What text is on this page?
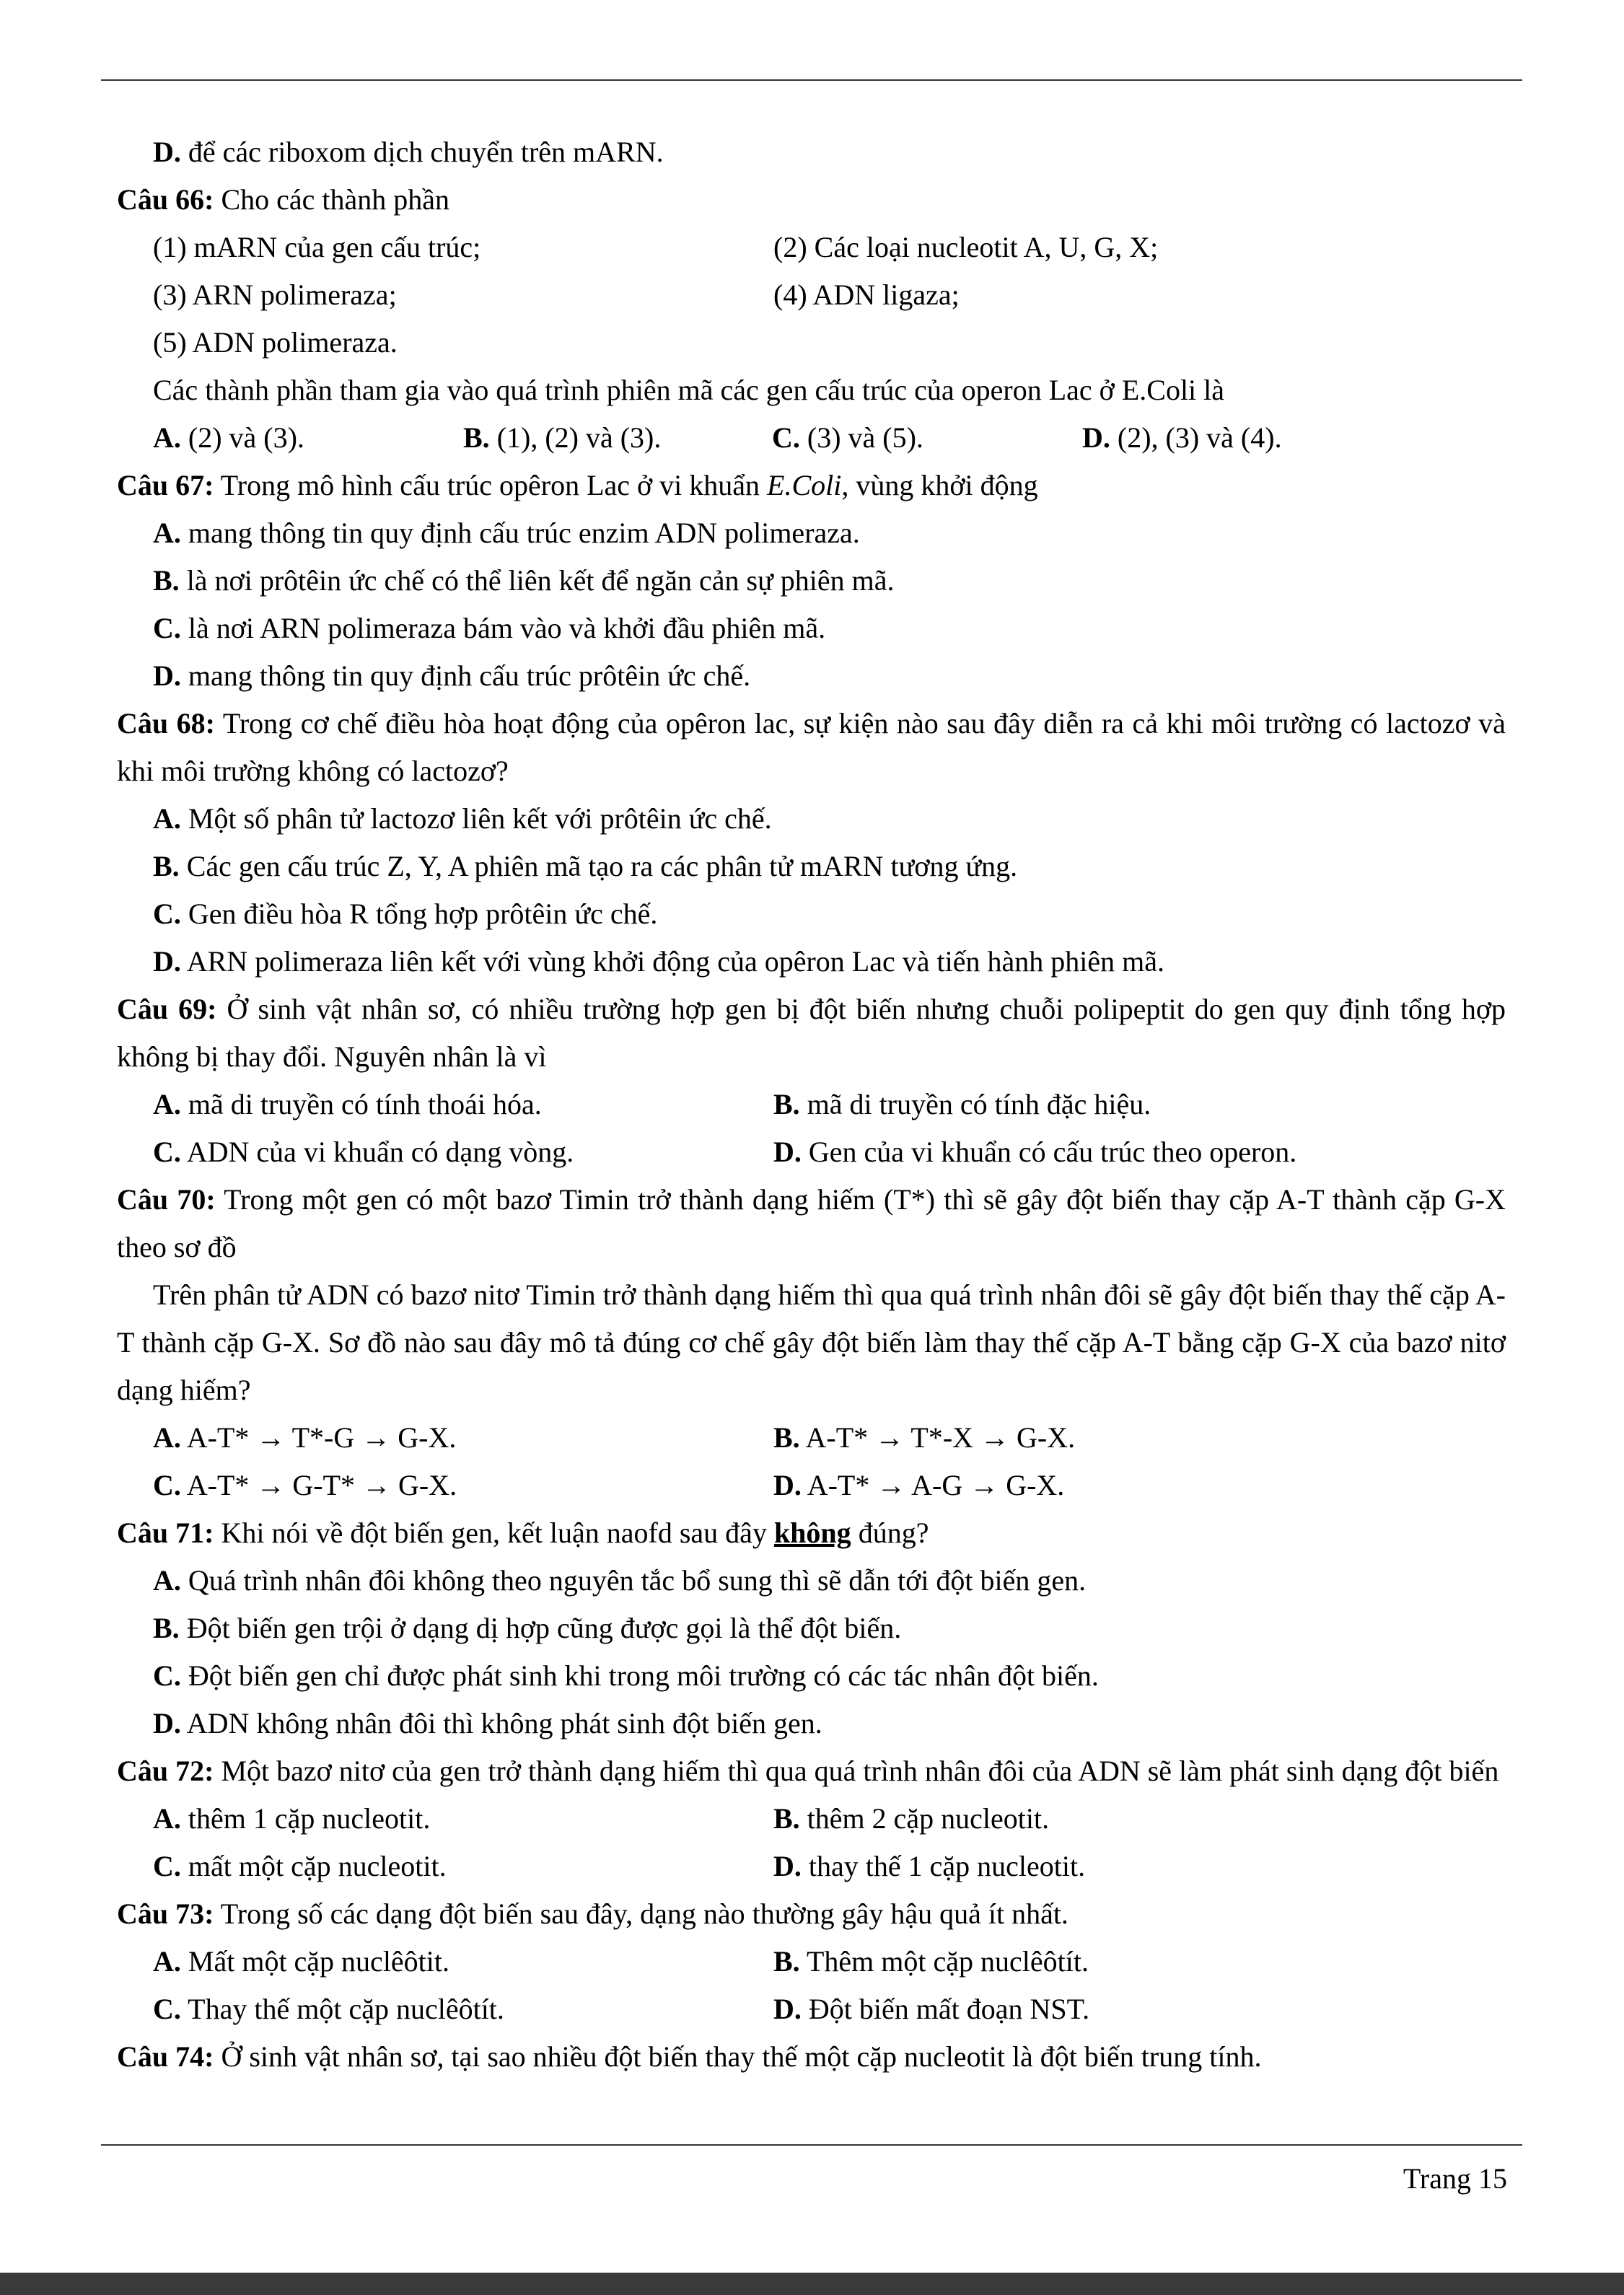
D. để các riboxom dịch chuyển trên mARN.
Câu 66: Cho các thành phần
(1) mARN của gen cấu trúc;	(2) Các loại nucleotit A, U, G, X;
(3) ARN polimeraza;	(4) ADN ligaza;
(5) ADN polimeraza.
Các thành phần tham gia vào quá trình phiên mã các gen cấu trúc của operon Lac ở E.Coli là
A. (2) và (3).	B. (1), (2) và (3).	C. (3) và (5).	D. (2), (3) và (4).
Câu 67: Trong mô hình cấu trúc opêron Lac ở vi khuẩn E.Coli, vùng khởi động
A. mang thông tin quy định cấu trúc enzim ADN polimeraza.
B. là nơi prôtêin ức chế có thể liên kết để ngăn cản sự phiên mã.
C. là nơi ARN polimeraza bám vào và khởi đầu phiên mã.
D. mang thông tin quy định cấu trúc prôtêin ức chế.
Câu 68: Trong cơ chế điều hòa hoạt động của opêron lac, sự kiện nào sau đây diễn ra cả khi môi trường có lactozơ và khi môi trường không có lactozơ?
A. Một số phân tử lactozơ liên kết với prôtêin ức chế.
B. Các gen cấu trúc Z, Y, A phiên mã tạo ra các phân tử mARN tương ứng.
C. Gen điều hòa R tổng hợp prôtêin ức chế.
D. ARN polimeraza liên kết với vùng khởi động của opêron Lac và tiến hành phiên mã.
Câu 69: Ở sinh vật nhân sơ, có nhiều trường hợp gen bị đột biến nhưng chuỗi polipeptit do gen quy định tổng hợp không bị thay đổi. Nguyên nhân là vì
A. mã di truyền có tính thoái hóa.	B. mã di truyền có tính đặc hiệu.
C. ADN của vi khuẩn có dạng vòng.	D. Gen của vi khuẩn có cấu trúc theo operon.
Câu 70: Trong một gen có một bazơ Timin trở thành dạng hiếm (T*) thì sẽ gây đột biến thay cặp A-T thành cặp G-X theo sơ đồ
Trên phân tử ADN có bazơ nitơ Timin trở thành dạng hiếm thì qua quá trình nhân đôi sẽ gây đột biến thay thế cặp A-T thành cặp G-X. Sơ đồ nào sau đây mô tả đúng cơ chế gây đột biến làm thay thế cặp A-T bằng cặp G-X của bazơ nitơ dạng hiếm?
A. A-T* → T*-G → G-X.	B. A-T* → T*-X → G-X.
C. A-T* → G-T* → G-X.	D. A-T* → A-G → G-X.
Câu 71: Khi nói về đột biến gen, kết luận naofd sau đây không đúng?
A. Quá trình nhân đôi không theo nguyên tắc bổ sung thì sẽ dẫn tới đột biến gen.
B. Đột biến gen trội ở dạng dị hợp cũng được gọi là thể đột biến.
C. Đột biến gen chỉ được phát sinh khi trong môi trường có các tác nhân đột biến.
D. ADN không nhân đôi thì không phát sinh đột biến gen.
Câu 72: Một bazơ nitơ của gen trở thành dạng hiếm thì qua quá trình nhân đôi của ADN sẽ làm phát sinh dạng đột biến
A. thêm 1 cặp nucleotit.	B. thêm 2 cặp nucleotit.
C. mất một cặp nucleotit.	D. thay thế 1 cặp nucleotit.
Câu 73: Trong số các dạng đột biến sau đây, dạng nào thường gây hậu quả ít nhất.
A. Mất một cặp nuclêôtit.	B. Thêm một cặp nuclêôtít.
C. Thay thế một cặp nuclêôtít.	D. Đột biến mất đoạn NST.
Câu 74: Ở sinh vật nhân sơ, tại sao nhiều đột biến thay thế một cặp nucleotit là đột biến trung tính.
Trang 15
